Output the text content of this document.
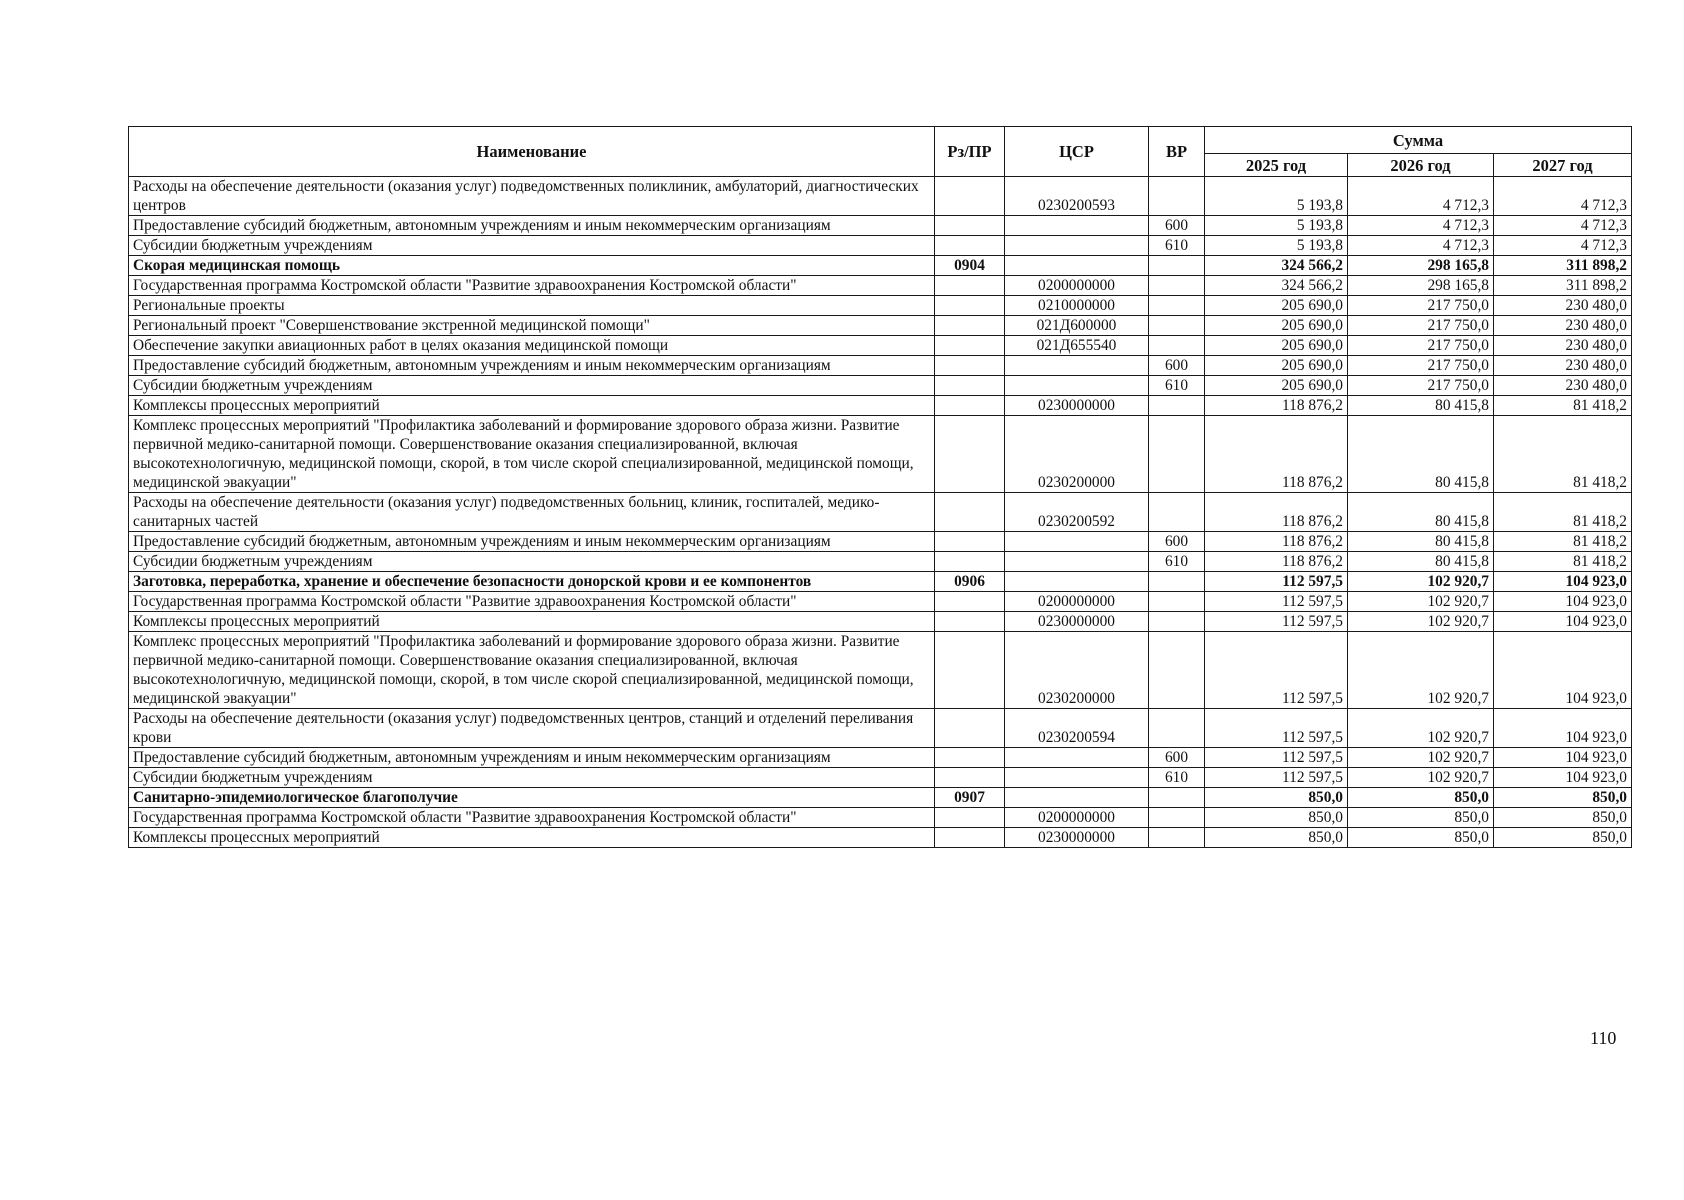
Наименование	Рз/ПР	ЦСР	ВР	Сумма		
				2025 год	2026 год	2027 год
Расходы на обеспечение деятельности (оказания услуг) подведомственных поликлиник, амбулаторий, диагностических центров		0230200593		5 193,8	4 712,3	4 712,3
Предоставление субсидий бюджетным, автономным учреждениям и иным некоммерческим организациям			600	5 193,8	4 712,3	4 712,3
Субсидии бюджетным учреждениям			610	5 193,8	4 712,3	4 712,3
Скорая медицинская помощь	0904			324 566,2	298 165,8	311 898,2
Государственная программа Костромской области "Развитие здравоохранения Костромской области"		0200000000		324 566,2	298 165,8	311 898,2
Региональные проекты		0210000000		205 690,0	217 750,0	230 480,0
Региональный проект "Совершенствование экстренной медицинской помощи"		021Д600000		205 690,0	217 750,0	230 480,0
Обеспечение закупки авиационных работ в целях оказания медицинской помощи		021Д655540		205 690,0	217 750,0	230 480,0
Предоставление субсидий бюджетным, автономным учреждениям и иным некоммерческим организациям			600	205 690,0	217 750,0	230 480,0
Субсидии бюджетным учреждениям			610	205 690,0	217 750,0	230 480,0
Комплексы процессных мероприятий		0230000000		118 876,2	80 415,8	81 418,2
Комплекс процессных мероприятий "Профилактика заболеваний и формирование здорового образа жизни. Развитие первичной медико-санитарной помощи. Совершенствование оказания специализированной, включая высокотехнологичную, медицинской помощи, скорой, в том числе скорой специализированной, медицинской помощи, медицинской эвакуации"		0230200000		118 876,2	80 415,8	81 418,2
Расходы на обеспечение деятельности (оказания услуг) подведомственных больниц, клиник, госпиталей, медико-санитарных частей		0230200592		118 876,2	80 415,8	81 418,2
Предоставление субсидий бюджетным, автономным учреждениям и иным некоммерческим организациям			600	118 876,2	80 415,8	81 418,2
Субсидии бюджетным учреждениям			610	118 876,2	80 415,8	81 418,2
Заготовка, переработка, хранение и обеспечение безопасности донорской крови и ее компонентов	0906			112 597,5	102 920,7	104 923,0
Государственная программа Костромской области "Развитие здравоохранения Костромской области"		0200000000		112 597,5	102 920,7	104 923,0
Комплексы процессных мероприятий		0230000000		112 597,5	102 920,7	104 923,0
Комплекс процессных мероприятий "Профилактика заболеваний и формирование здорового образа жизни. Развитие первичной медико-санитарной помощи. Совершенствование оказания специализированной, включая высокотехнологичную, медицинской помощи, скорой, в том числе скорой специализированной, медицинской помощи, медицинской эвакуации"		0230200000		112 597,5	102 920,7	104 923,0
Расходы на обеспечение деятельности (оказания услуг) подведомственных центров, станций и отделений переливания крови		0230200594		112 597,5	102 920,7	104 923,0
Предоставление субсидий бюджетным, автономным учреждениям и иным некоммерческим организациям			600	112 597,5	102 920,7	104 923,0
Субсидии бюджетным учреждениям			610	112 597,5	102 920,7	104 923,0
Санитарно-эпидемиологическое благополучие	0907			850,0	850,0	850,0
Государственная программа Костромской области "Развитие здравоохранения Костромской области"		0200000000		850,0	850,0	850,0
Комплексы процессных мероприятий		0230000000		850,0	850,0	850,0
110
